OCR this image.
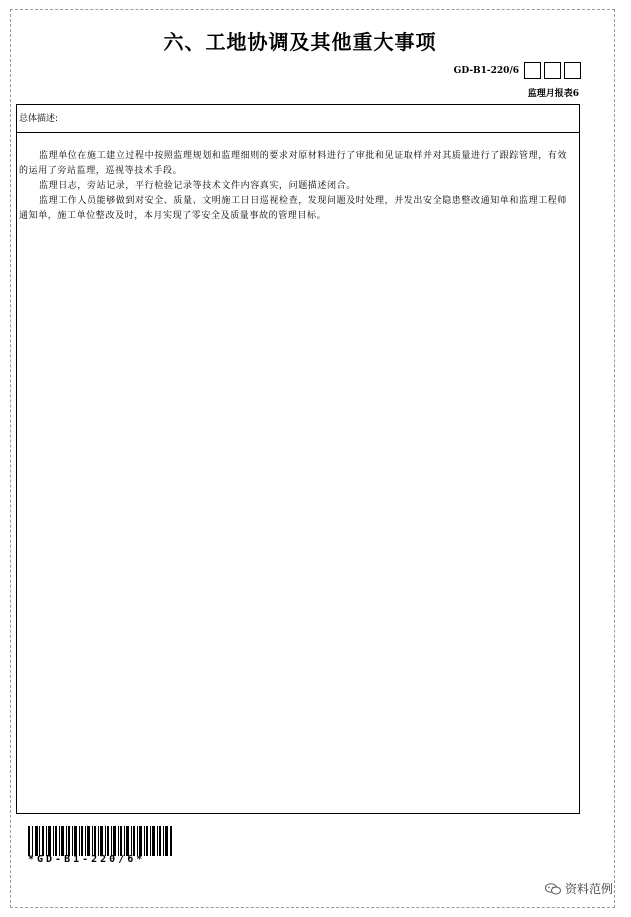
六、工地协调及其他重大事项
GD-B1-220/6
监理月报表6
总体描述:

监理单位在施工建立过程中按照监理规划和监理细则的要求对原材料进行了审批和见证取样并对其质量进行了跟踪管理，有效的运用了旁站监理，巡视等技术手段。

监理日志，旁站记录，平行检验记录等技术文件内容真实，问题描述闭合。

监理工作人员能够做到对安全、质量、文明施工日日巡视检查，发现问题及时处理，并发出安全隐患整改通知单和监理工程师通知单，施工单位整改及时，本月实现了零安全及质量事故的管理目标。

*GD-B1-220/6*
资料范例
